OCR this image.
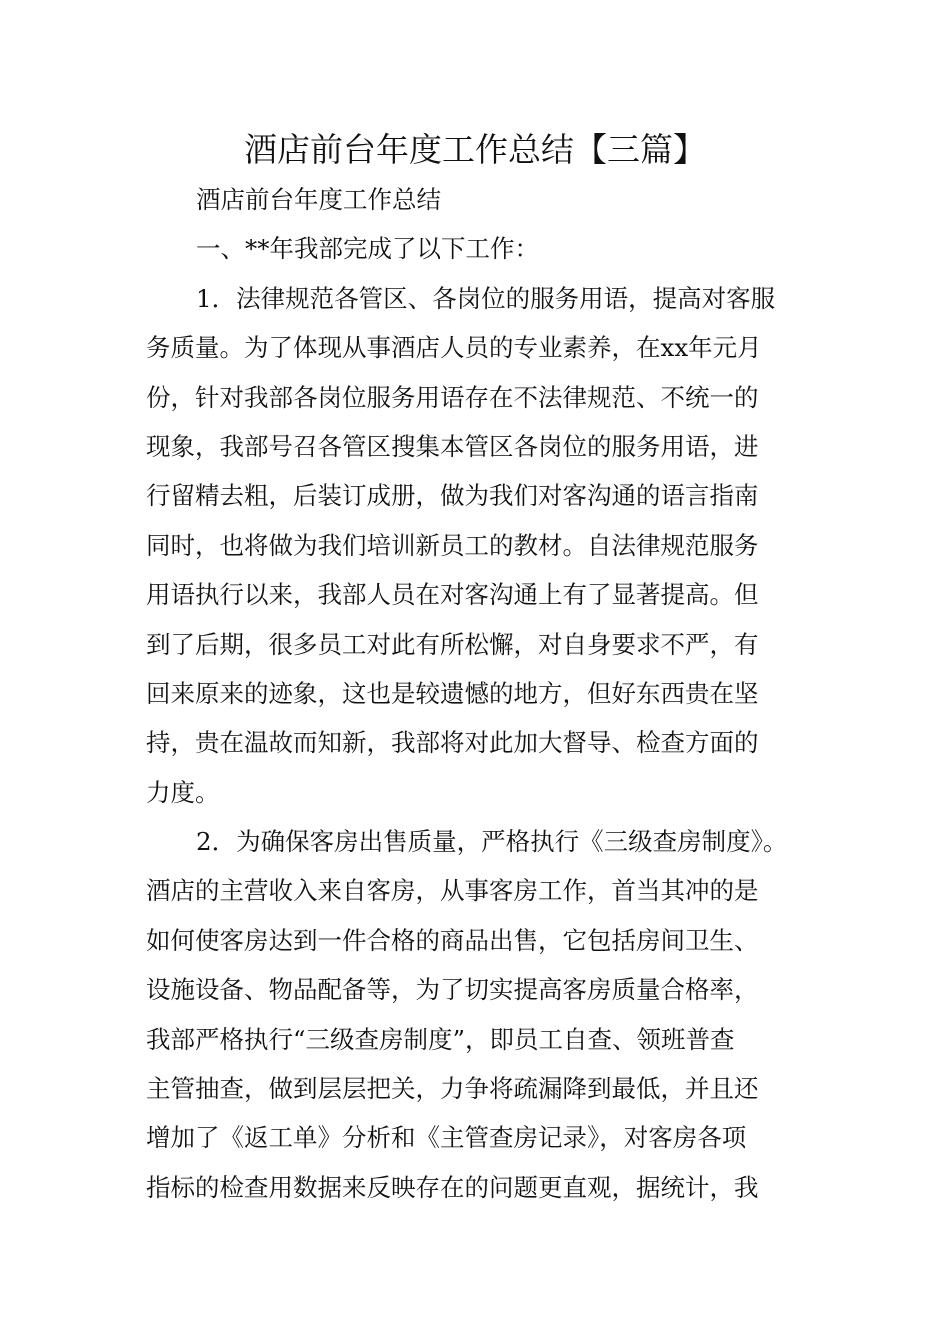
酒店前台年度工作总结【三篇】
酒店前台年度工作总结
一、**年我部完成了以下工作：
1．法律规范各管区、各岗位的服务用语，提高对客服
务质量。为了体现从事酒店人员的专业素养，在xx年元月
份，针对我部各岗位服务用语存在不法律规范、不统一的
现象，我部号召各管区搜集本管区各岗位的服务用语，进
行留精去粗，后装订成册，做为我们对客沟通的语言指南
同时，也将做为我们培训新员工的教材。自法律规范服务
用语执行以来，我部人员在对客沟通上有了显著提高。但
到了后期，很多员工对此有所松懈，对自身要求不严，有
回来原来的迹象，这也是较遗憾的地方，但好东西贵在坚
持，贵在温故而知新，我部将对此加大督导、检查方面的
力度。
2．为确保客房出售质量，严格执行《三级查房制度》。
酒店的主营收入来自客房，从事客房工作，首当其冲的是
如何使客房达到一件合格的商品出售，它包括房间卫生、
设施设备、物品配备等，为了切实提高客房质量合格率，
我部严格执行“三级查房制度”，即员工自查、领班普查
主管抽查，做到层层把关，力争将疏漏降到最低，并且还
增加了《返工单》分析和《主管查房记录》，对客房各项
指标的检查用数据来反映存在的问题更直观，据统计，我
